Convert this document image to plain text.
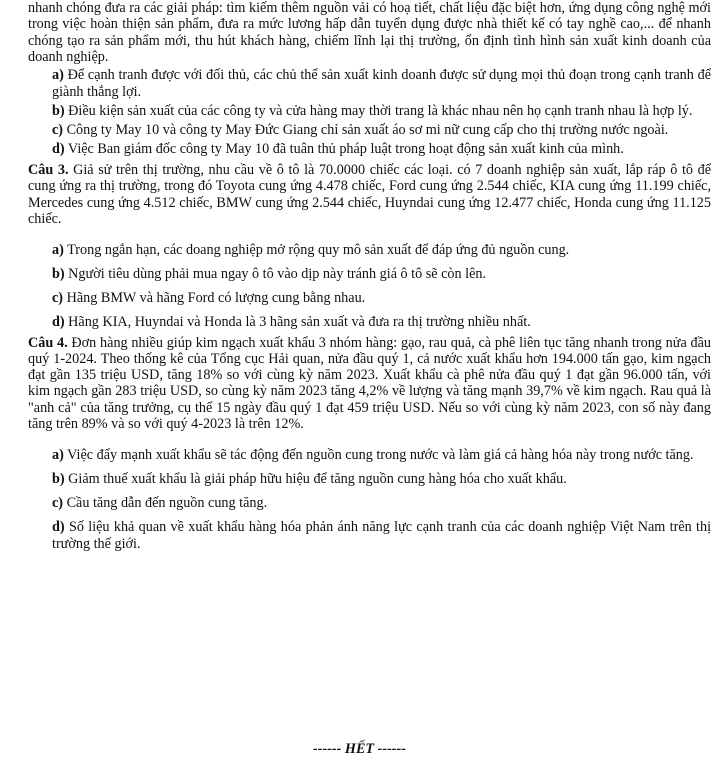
nhanh chóng đưa ra các giải pháp: tìm kiếm thêm nguồn vải có hoạ tiết, chất liệu đặc biệt hơn, ứng dụng công nghệ mới trong việc hoàn thiện sản phẩm, đưa ra mức lương hấp dẫn tuyển dụng được nhà thiết kế có tay nghề cao,... để nhanh chóng tạo ra sản phẩm mới, thu hút khách hàng, chiếm lĩnh lại thị trường, ổn định tình hình sản xuất kinh doanh của doanh nghiệp.

a) Để cạnh tranh được với đối thủ, các chủ thể sản xuất kinh doanh được sử dụng mọi thủ đoạn trong cạnh tranh để giành thắng lợi.

b) Điều kiện sản xuất của các công ty và cửa hàng may thời trang là khác nhau nên họ cạnh tranh nhau là hợp lý.

c) Công ty May 10 và công ty May Đức Giang chỉ sản xuất áo sơ mi nữ cung cấp cho thị trường nước ngoài.

d) Việc Ban giám đốc công ty May 10 đã tuân thủ pháp luật trong hoạt động sản xuất kinh của mình.

Câu 3. Giả sử trên thị trường, nhu cầu về ô tô là 70.0000 chiếc các loại. có 7 doanh nghiệp sản xuất, lắp ráp ô tô để cung ứng ra thị trường, trong đó Toyota cung ứng 4.478 chiếc, Ford cung ứng 2.544 chiếc, KIA cung ứng 11.199 chiếc, Mercedes cung ứng 4.512 chiếc, BMW cung ứng 2.544 chiếc, Huyndai cung ứng 12.477 chiếc, Honda cung ứng 11.125 chiếc.

a) Trong ngắn hạn, các doang nghiệp mở rộng quy mô sản xuất để đáp ứng đủ nguồn cung.

b) Người tiêu dùng phải mua ngay ô tô vào dịp này tránh giá ô tô sẽ còn lên.

c) Hãng BMW và hãng Ford có lượng cung bằng nhau.

d) Hãng KIA, Huyndai và Honda là 3 hãng sản xuất và đưa ra thị trường nhiều nhất.

Câu 4. Đơn hàng nhiều giúp kim ngạch xuất khẩu 3 nhóm hàng: gạo, rau quả, cà phê liên tục tăng nhanh trong nửa đầu quý 1-2024. Theo thống kê của Tổng cục Hải quan, nửa đầu quý 1, cả nước xuất khẩu hơn 194.000 tấn gạo, kim ngạch đạt gần 135 triệu USD, tăng 18% so với cùng kỳ năm 2023. Xuất khẩu cà phê nửa đầu quý 1 đạt gần 96.000 tấn, với kim ngạch gần 283 triệu USD, so cùng kỳ năm 2023 tăng 4,2% về lượng và tăng mạnh 39,7% về kim ngạch. Rau quả là "anh cả" của tăng trưởng, cụ thể 15 ngày đầu quý 1 đạt 459 triệu USD. Nếu so với cùng kỳ năm 2023, con số này đang tăng trên 89% và so với quý 4-2023 là trên 12%.

a) Việc đẩy mạnh xuất khẩu sẽ tác động đến nguồn cung trong nước và làm giá cả hàng hóa này trong nước tăng.

b) Giảm thuế xuất khẩu là giải pháp hữu hiệu để tăng nguồn cung hàng hóa cho xuất khẩu.

c) Cầu tăng dẫn đến nguồn cung tăng.

d) Số liệu khả quan về xuất khẩu hàng hóa phản ánh năng lực cạnh tranh của các doanh nghiệp Việt Nam trên thị trường thế giới.

------ HẾT ------
